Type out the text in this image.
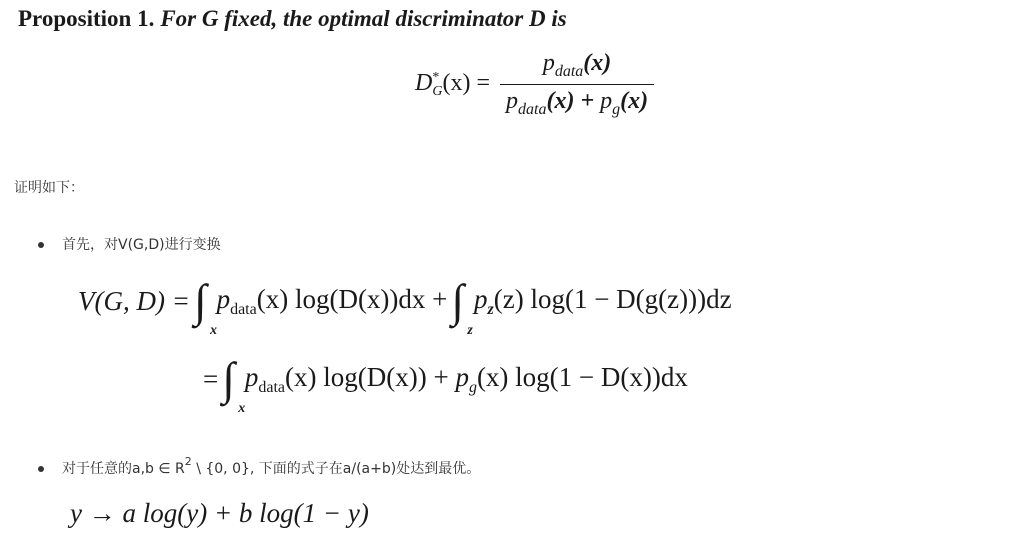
Proposition 1. For G fixed, the optimal discriminator D is
D *
G $(x) = \frac{p_{data}(x)}{p_{data}(x) + p_g(x)}$
证明如下：
首先，对V(G,D)进行变换
V(G, D) = ∫
x
$p_{data}(x) \log(D(x))dx$ + ∫
z
$p_z(z) \log(1 - D(g(z)))dz$
= ∫
x
$p_{data}(x) \log(D(x)) + p_g(x) \log(1 - D(x))dx$
对于任意的a,b ∈ $R^2$ \ {0, 0}, 下面的式子在a/(a+b)处达到最优。
y → a log(y) + b log(1 − y)
